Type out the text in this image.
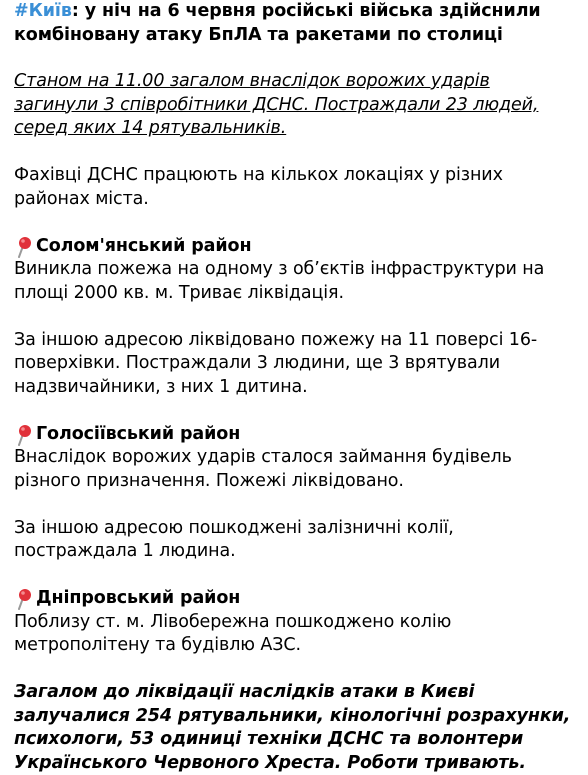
#Київ: у ніч на 6 червня російські війська здійснили комбіновану атаку БпЛА та ракетами по столиці

Станом на 11.00 загалом внаслідок ворожих ударів загинули 3 співробітники ДСНС. Постраждали 23 людей, серед яких 14 рятувальників.

Фахівці ДСНС працюють на кількох локаціях у різних районах міста.

Солом'янський район
Виникла пожежа на одному з об’єктів інфраструктури на площі 2000 кв. м. Триває ліквідація.

За іншою адресою ліквідовано пожежу на 11 поверсі 16-поверхівки. Постраждали 3 людини, ще 3 врятували надзвичайники, з них 1 дитина.

Голосіївський район
Внаслідок ворожих ударів сталося займання будівель різного призначення. Пожежі ліквідовано.

За іншою адресою пошкоджені залізничні колії, постраждала 1 людина.

Дніпровський район
Поблизу ст. м. Лівобережна пошкоджено колію метрополітену та будівлю АЗС.

Загалом до ліквідації наслідків атаки в Києві залучалися 254 рятувальники, кінологічні розрахунки, психологи, 53 одиниці техніки ДСНС та волонтери Українського Червоного Хреста. Роботи тривають.
